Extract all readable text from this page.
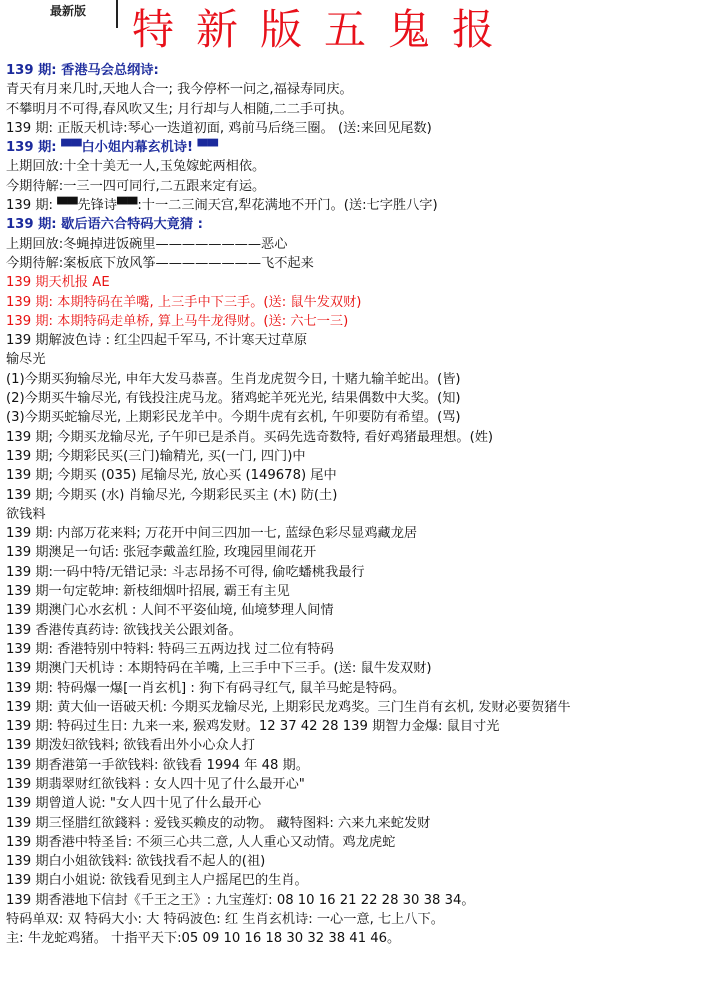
最新版 特新版五鬼报
139 期: 香港马会总纲诗:
青天有月来几时,天地人合一; 我今停杯一问之,福禄寿同庆。
不攀明月不可得,春风吹又生; 月行却与人相随,二二手可执。
139 期: 正版天机诗:琴心一迭道初面, 鸡前马后绕三圈。 (送:来回见尾数)
139 期: ▀▀白小姐内幕玄机诗! ▀▀
上期回放:十全十美无一人,玉兔嫁蛇两相依。
今期待解:一三一四可同行,二五跟来定有运。
139 期: ▀▀先锋诗▀▀:十一二三闹天宫,犁花满地不开门。(送:七字胜八字)
139 期: 歇后语六合特码大竟猜 :
上期回放:冬蝇掉进饭碗里————————恶心
今期待解:案板底下放风筝————————飞不起来
139 期天机报 AE
139 期: 本期特码在羊嘴, 上三手中下三手。(送: 鼠牛发双财)
139 期: 本期特码走单桥, 算上马牛龙得财。(送: 六七一三)
139 期解波色诗 : 红尘四起千军马, 不计寒天过草原
输尽光
(1)今期买狗输尽光, 申年大发马恭喜。生肖龙虎贺今日, 十赌九输羊蛇出。(皆)
(2)今期买牛输尽光, 有钱投注虎马龙。猪鸡蛇羊死光光, 结果偶数中大奖。(知)
(3)今期买蛇输尽光, 上期彩民龙羊中。今期牛虎有玄机, 午卯要防有希望。(骂)
139 期; 今期买龙输尽光, 子午卯已是杀肖。买码先选奇数特, 看好鸡猪最理想。(姓)
139 期; 今期彩民买(三门)输精光, 买(一门, 四门)中
139 期; 今期买 (035) 尾输尽光, 放心买 (149678) 尾中
139 期; 今期买 (水) 肖输尽光, 今期彩民买主 (木) 防(土)
欲钱料
139 期: 内部万花来料; 万花开中间三四加一七, 蓝绿色彩尽显鸡藏龙居
139 期澳足一句话: 张冠李戴盖红脸, 玫瑰园里闹花开
139 期:一码中特/无错记录: 斗志昂扬不可得, 偷吃蟠桃我最行
139 期一句定乾坤: 新枝细烟叶招展, 霸王有主见
139 期澳门心水玄机 : 人间不平姿仙境, 仙境梦理人间情
139 香港传真药诗: 欲钱找关公跟刘备。
139 期: 香港特别中特料: 特码三五两边找 过二位有特码
139 期澳门天机诗 : 本期特码在羊嘴, 上三手中下三手。(送: 鼠牛发双财)
139 期: 特码爆一爆[一肖玄机] : 狗下有码寻红气, 鼠羊马蛇是特码。
139 期: 黄大仙一语破天机: 今期买龙输尽光, 上期彩民龙鸡奖。三门生肖有玄机, 发财必要贺猪牛
139 期: 特码过生日: 九来一来, 猴鸡发财。12 37 42 28 139 期智力金爆: 鼠目寸光
139 期泼妇欲钱料; 欲钱看出外小心众人打
139 期香港第一手欲钱料: 欲钱看 1994 年 48 期。
139 期翡翠财红欲钱料 : 女人四十见了什么最开心"
139 期曾道人说: "女人四十见了什么最开心
139 期三怪腊红欲錢料 : 爱钱买赖皮的动物。 藏特图料: 六来九来蛇发财
139 期香港中特圣旨: 不须三心共二意, 人人重心又动情。鸡龙虎蛇
139 期白小姐欲钱料: 欲钱找看不起人的(祖)
139 期白小姐说: 欲钱看见到主人户摇尾巴的生肖。
139 期香港地下信封《千王之王》: 九宝莲灯: 08 10 16 21 22 28 30 38 34。
特码单双: 双 特码大小: 大 特码波色: 红 生肖玄机诗: 一心一意, 七上八下。
主: 牛龙蛇鸡猪。 十指平天下:05 09 10 16 18 30 32 38 41 46。
